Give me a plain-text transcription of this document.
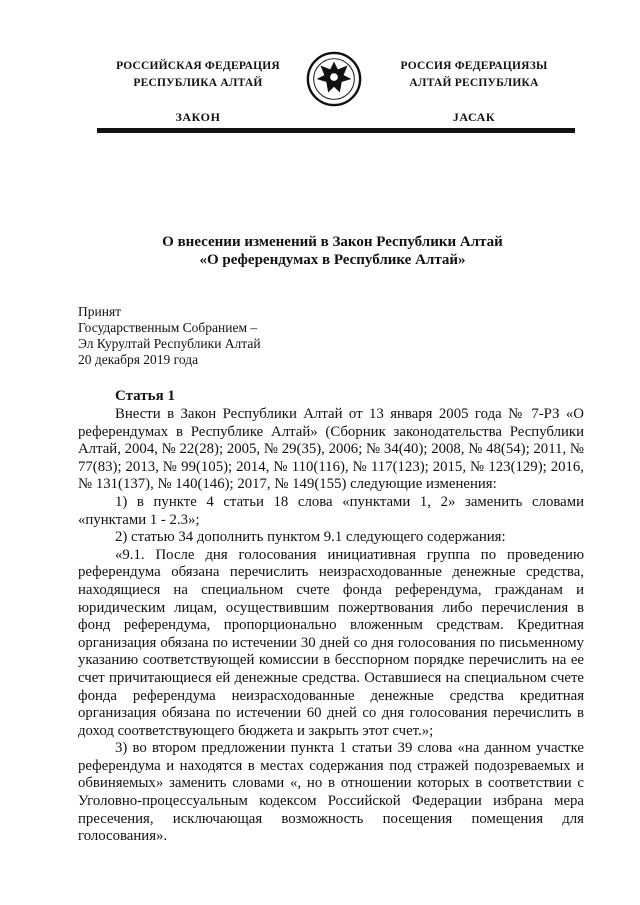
РОССИЙСКАЯ ФЕДЕРАЦИЯ
РЕСПУБЛИКА АЛТАЙ
ЗАКОН
РОССИЯ ФЕДЕРАЦИЯЗЫ
АЛТАЙ РЕСПУБЛИКА
JАСАК
О внесении изменений в Закон Республики Алтай
«О референдумах в Республике Алтай»
Принят
Государственным Собранием –
Эл Курултай Республики Алтай
20 декабря 2019 года
Статья 1

Внести в Закон Республики Алтай от 13 января 2005 года № 7-РЗ «О референдумах в Республике Алтай» (Сборник законодательства Республики Алтай, 2004, № 22(28); 2005, № 29(35), 2006; № 34(40); 2008, № 48(54); 2011, № 77(83); 2013, № 99(105); 2014, № 110(116), № 117(123); 2015, № 123(129); 2016, № 131(137), № 140(146); 2017, № 149(155) следующие изменения:

1) в пункте 4 статьи 18 слова «пунктами 1, 2» заменить словами «пунктами 1 - 2.3»;

2) статью 34 дополнить пунктом 9.1 следующего содержания:

«9.1. После дня голосования инициативная группа по проведению референдума обязана перечислить неизрасходованные денежные средства, находящиеся на специальном счете фонда референдума, гражданам и юридическим лицам, осуществившим пожертвования либо перечисления в фонд референдума, пропорционально вложенным средствам. Кредитная организация обязана по истечении 30 дней со дня голосования по письменному указанию соответствующей комиссии в бесспорном порядке перечислить на ее счет причитающиеся ей денежные средства. Оставшиеся на специальном счете фонда референдума неизрасходованные денежные средства кредитная организация обязана по истечении 60 дней со дня голосования перечислить в доход соответствующего бюджета и закрыть этот счет.»;

3) во втором предложении пункта 1 статьи 39 слова «на данном участке референдума и находятся в местах содержания под стражей подозреваемых и обвиняемых» заменить словами «, но в отношении которых в соответствии с Уголовно-процессуальным кодексом Российской Федерации избрана мера пресечения, исключающая возможность посещения помещения для голосования».
